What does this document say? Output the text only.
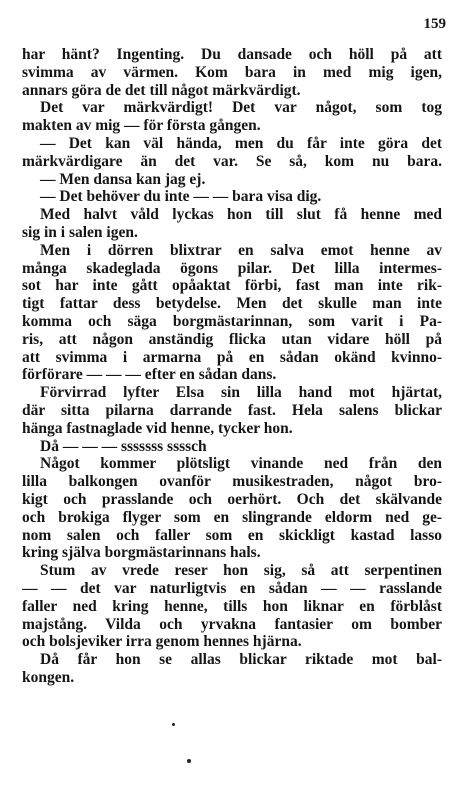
159
har hänt? Ingenting. Du dansade och höll på att
svimma av värmen. Kom bara in med mig igen,
annars göra de det till något märkvärdigt.
Det var märkvärdigt! Det var något, som tog
makten av mig — för första gången.
— Det kan väl hända, men du får inte göra det
märkvärdigare än det var. Se så, kom nu bara.
— Men dansa kan jag ej.
— Det behöver du inte — — bara visa dig.
Med halvt våld lyckas hon till slut få henne med
sig in i salen igen.
Men i dörren blixtrar en salva emot henne av
många skadeglada ögons pilar. Det lilla intermes-
sot har inte gått opåaktat förbi, fast man inte rik-
tigt fattar dess betydelse. Men det skulle man inte
komma och säga borgmästarinnan, som varit i Pa-
ris, att någon anständig flicka utan vidare höll på
att svimma i armarna på en sådan okänd kvinno-
förförare — — — efter en sådan dans.
Förvirrad lyfter Elsa sin lilla hand mot hjärtat,
där sitta pilarna darrande fast. Hela salens blickar
hänga fastnaglade vid henne, tycker hon.
Då — — — sssssss ssssch
Något kommer plötsligt vinande ned från den
lilla balkongen ovanför musikestraden, något bro-
kigt och prasslande och oerhört. Och det skälvande
och brokiga flyger som en slingrande eldorm ned ge-
nom salen och faller som en skickligt kastad lasso
kring själva borgmästarinnans hals.
Stum av vrede reser hon sig, så att serpentinen
— — det var naturligtvis en sådan — — rasslande
faller ned kring henne, tills hon liknar en förblåst
majstång. Vilda och yrvakna fantasier om bomber
och bolsjeviker irra genom hennes hjärna.
Då får hon se allas blickar riktade mot bal-
kongen.
